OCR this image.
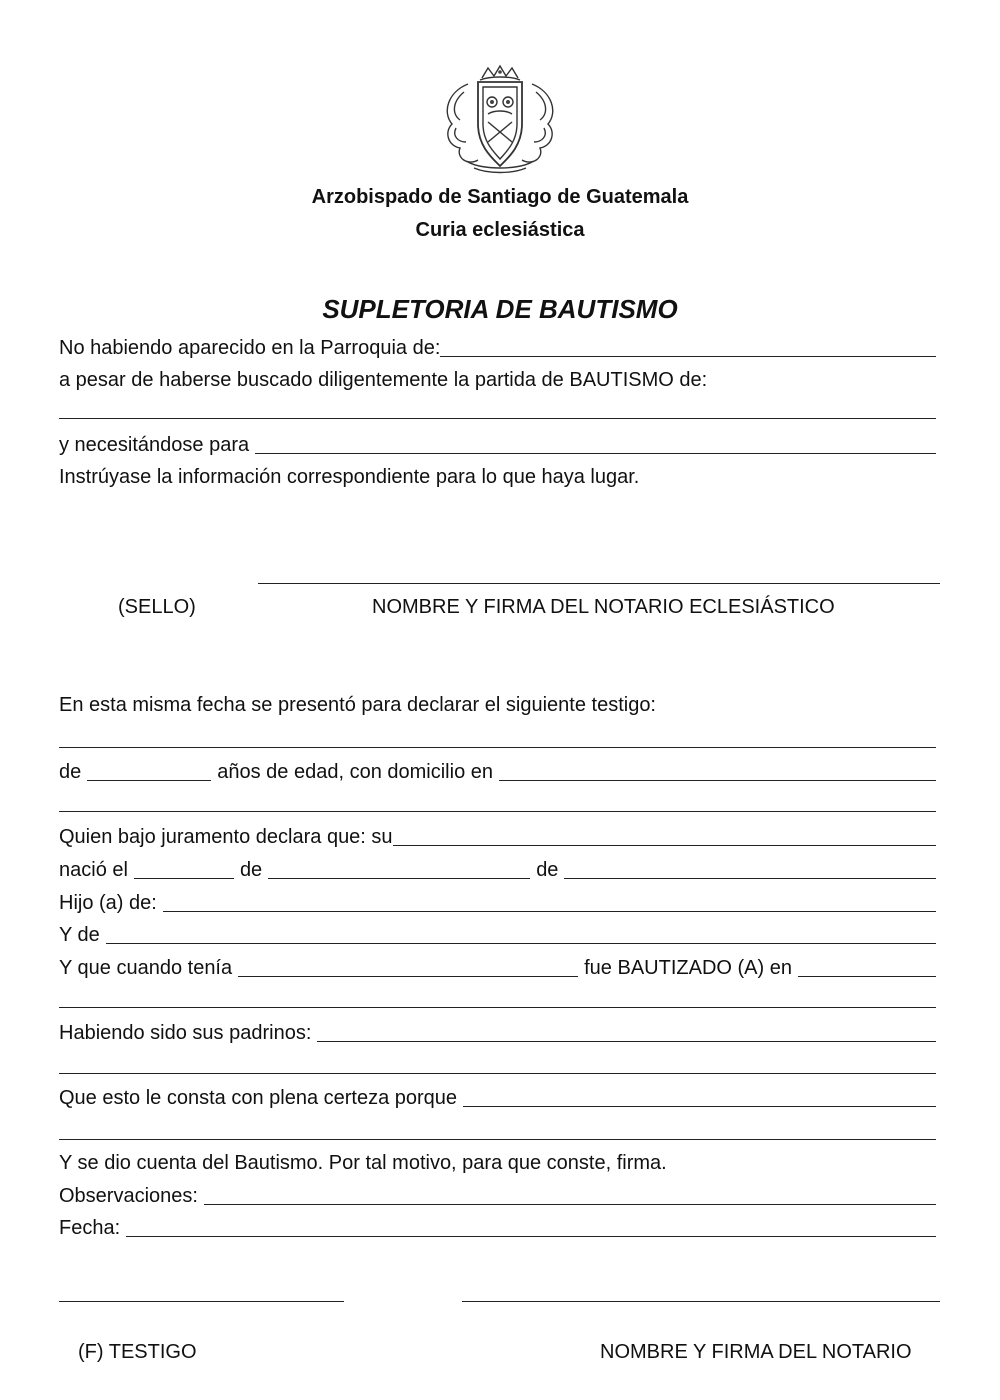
Arzobispado de Santiago de Guatemala
Curia eclesiástica
SUPLETORIA DE BAUTISMO
No habiendo aparecido en la Parroquia de:
a pesar de haberse buscado diligentemente la partida de BAUTISMO de:
y necesitándose para
Instrúyase la información correspondiente para lo que haya lugar.
(SELLO)	NOMBRE Y FIRMA DEL NOTARIO ECLESIÁSTICO
En esta misma fecha se presentó para declarar el siguiente testigo:
de	años de edad, con domicilio en
Quien bajo juramento declara que: su
nació el	de	de
Hijo (a) de:
Y de
Y que cuando tenía	fue BAUTIZADO (A) en
Habiendo sido sus padrinos:
Que esto le consta con plena certeza porque
Y se dio cuenta del Bautismo. Por tal motivo, para que conste, firma.
Observaciones:
Fecha:
(F) TESTIGO	NOMBRE Y FIRMA DEL NOTARIO
